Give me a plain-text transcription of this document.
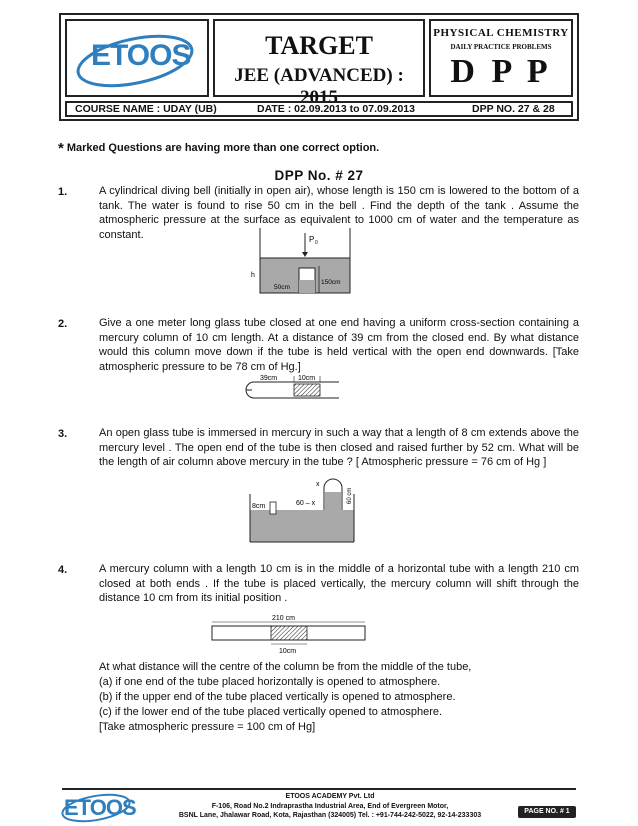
ETOOS	TARGET
JEE (ADVANCED) : 2015
PHYSICAL CHEMISTRY
DAILY PRACTICE PROBLEMS
D P P
COURSE NAME : UDAY (UB)	DATE : 02.09.2013 to 07.09.2013	DPP NO. 27 & 28
* Marked Questions are having more than one correct option.
DPP No. # 27
1.	A cylindrical diving bell (initially in open air), whose length is 150 cm is lowered to the bottom of a tank. The water is found to rise 50 cm in the bell . Find the depth of the tank . Assume the atmospheric pressure at the surface as equivalent to 1000 cm of water and the temperature as constant.	P 0
h
50cm
150cm
2.	Give a one meter long glass tube closed at one end having a uniform cross-section containing a mercury column of 10 cm length. At a distance of 39 cm from the closed end. By what distance would this column move down if the tube is held vertical with the open end downwards. [Take atmospheric pressure to be 78 cm of Hg.]
39cm	10cm
3.	An open glass tube is immersed in mercury in such a way that a length of 8 cm extends above the mercury level . The open end of the tube is then closed and raised further by 52 cm. What will be the length of air column above mercury in the tube ? [ Atmospheric pressure = 76 cm of Hg ]
8cm
x
60 – x	60 cm
4.	A mercury column with a length 10 cm is in the middle of a horizontal tube with a length 210 cm closed at both ends . If the tube is placed vertically, the mercury column will shift through the distance 10 cm from its initial position .
210 cm
10cm
At what distance will the centre of the column be from the middle of the tube,
(a) if one end of the tube placed horizontally is opened to atmosphere.
(b) if the upper end of the tube placed vertically is opened to atmosphere.
(c) if the lower end of the tube placed vertically opened to atmosphere.
[Take atmospheric pressure = 100 cm of Hg]
ETOOS	ETOOS ACADEMY Pvt. Ltd
F-106, Road No.2 Indraprastha Industrial Area, End of Evergreen Motor,
BSNL Lane, Jhalawar Road, Kota, Rajasthan (324005) Tel. : +91-744-242-5022, 92-14-233303
PAGE NO. # 1
